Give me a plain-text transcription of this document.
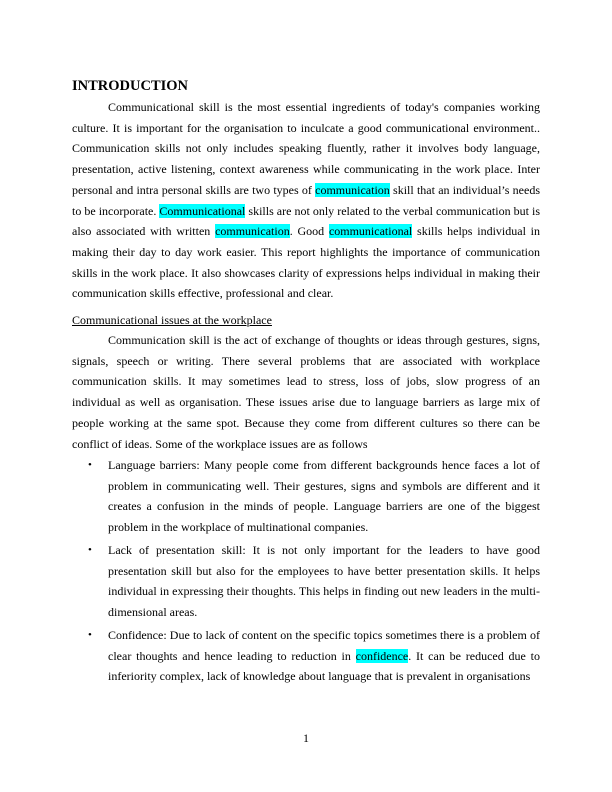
INTRODUCTION

Communicational skill is the most essential ingredients of today's companies working culture. It is important for the organisation to inculcate a good communicational environment.. Communication skills not only includes speaking fluently, rather it involves body language, presentation, active listening, context awareness while communicating in the work place. Inter personal and intra personal skills are two types of communication skill that an individual’s needs to be incorporate. Communicational skills are not only related to the verbal communication but is also associated with written communication. Good communicational skills helps individual in making their day to day work easier. This report highlights the importance of communication skills in the work place. It also showcases clarity of expressions helps individual in making their communication skills effective, professional and clear.

Communicational issues at the workplace

Communication skill is the act of exchange of thoughts or ideas through gestures, signs, signals, speech or writing. There several problems that are associated with workplace communication skills. It may sometimes lead to stress, loss of jobs, slow progress of an individual as well as organisation. These issues arise due to language barriers as large mix of people working at the same spot. Because they come from different cultures so there can be conflict of ideas. Some of the workplace issues are as follows

• Language barriers: Many people come from different backgrounds hence faces a lot of problem in communicating well. Their gestures, signs and symbols are different and it creates a confusion in the minds of people. Language barriers are one of the biggest problem in the workplace of multinational companies.
• Lack of presentation skill: It is not only important for the leaders to have good presentation skill but also for the employees to have better presentation skills. It helps individual in expressing their thoughts. This helps in finding out new leaders in the multi-dimensional areas.
• Confidence: Due to lack of content on the specific topics sometimes there is a problem of clear thoughts and hence leading to reduction in confidence. It can be reduced due to inferiority complex, lack of knowledge about language that is prevalent in organisations

1
